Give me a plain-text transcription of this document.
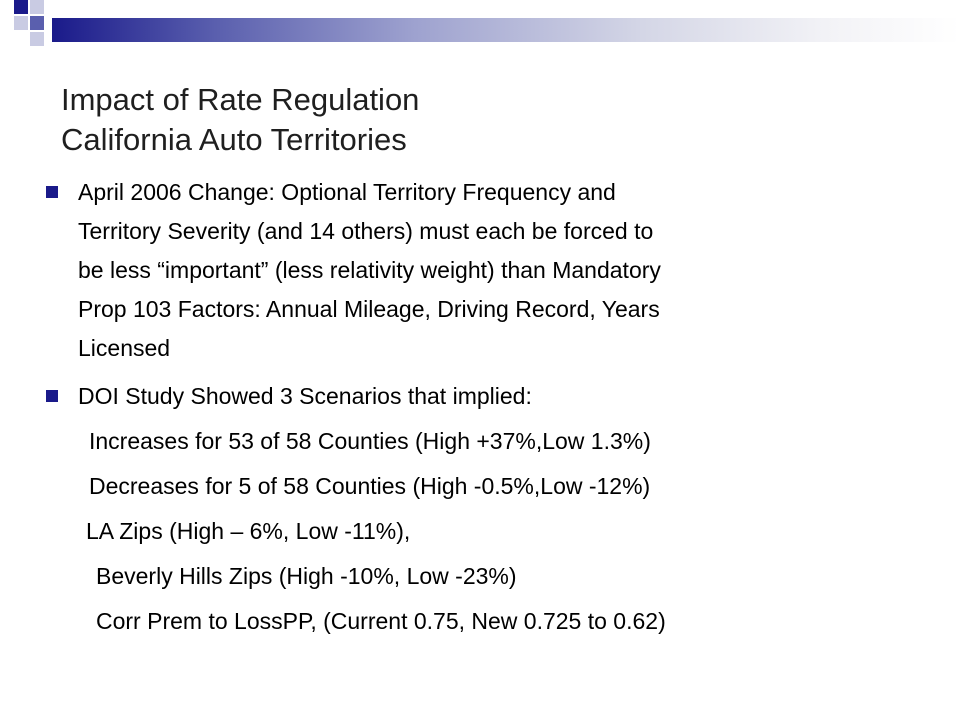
Impact of Rate Regulation
California Auto Territories
April 2006 Change: Optional Territory Frequency and
Territory Severity (and 14 others) must each be forced to
be less “important” (less relativity weight) than Mandatory
Prop 103 Factors: Annual Mileage, Driving Record, Years
Licensed
DOI Study Showed 3 Scenarios that implied:
Increases for 53 of 58 Counties (High +37%,Low 1.3%)
Decreases for 5 of 58 Counties (High -0.5%,Low -12%)
LA Zips (High – 6%, Low -11%),
Beverly Hills Zips (High -10%, Low -23%)
Corr Prem to LossPP, (Current 0.75, New 0.725 to 0.62)
